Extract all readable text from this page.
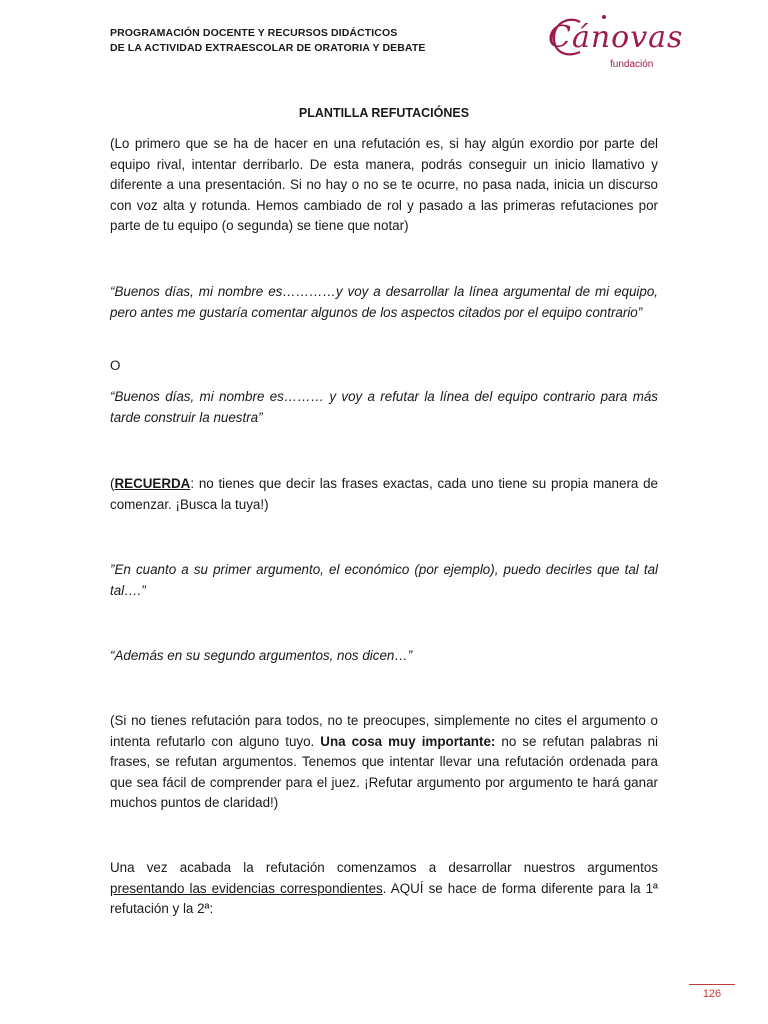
PROGRAMACIÓN DOCENTE Y RECURSOS DIDÁCTICOS
DE LA ACTIVIDAD EXTRAESCOLAR DE ORATORIA Y DEBATE	Cánovas
fundación
PLANTILLA REFUTACIÓNES

(Lo primero que se ha de hacer en una refutación es, si hay algún exordio por parte del equipo rival, intentar derribarlo. De esta manera, podrás conseguir un inicio llamativo y diferente a una presentación. Si no hay o no se te ocurre, no pasa nada, inicia un discurso con voz alta y rotunda. Hemos cambiado de rol y pasado a las primeras refutaciones por parte de tu equipo (o segunda) se tiene que notar)

“Buenos días, mi nombre es…………y voy a desarrollar la línea argumental de mi equipo, pero antes me gustaría comentar algunos de los aspectos citados por el equipo contrario”

O

“Buenos días, mi nombre es……… y voy a refutar la línea del equipo contrario para más tarde construir la nuestra”

(RECUERDA: no tienes que decir las frases exactas, cada uno tiene su propia manera de comenzar. ¡Busca la tuya!)

”En cuanto a su primer argumento, el económico (por ejemplo), puedo decirles que tal tal tal….”

“Además en su segundo argumentos, nos dicen…”

(Si no tienes refutación para todos, no te preocupes, simplemente no cites el argumento o intenta refutarlo con alguno tuyo. Una cosa muy importante: no se refutan palabras ni frases, se refutan argumentos. Tenemos que intentar llevar una refutación ordenada para que sea fácil de comprender para el juez. ¡Refutar argumento por argumento te hará ganar muchos puntos de claridad!)

Una vez acabada la refutación comenzamos a desarrollar nuestros argumentos presentando las evidencias correspondientes. AQUÍ se hace de forma diferente para la 1ª refutación y la 2ª:

126
